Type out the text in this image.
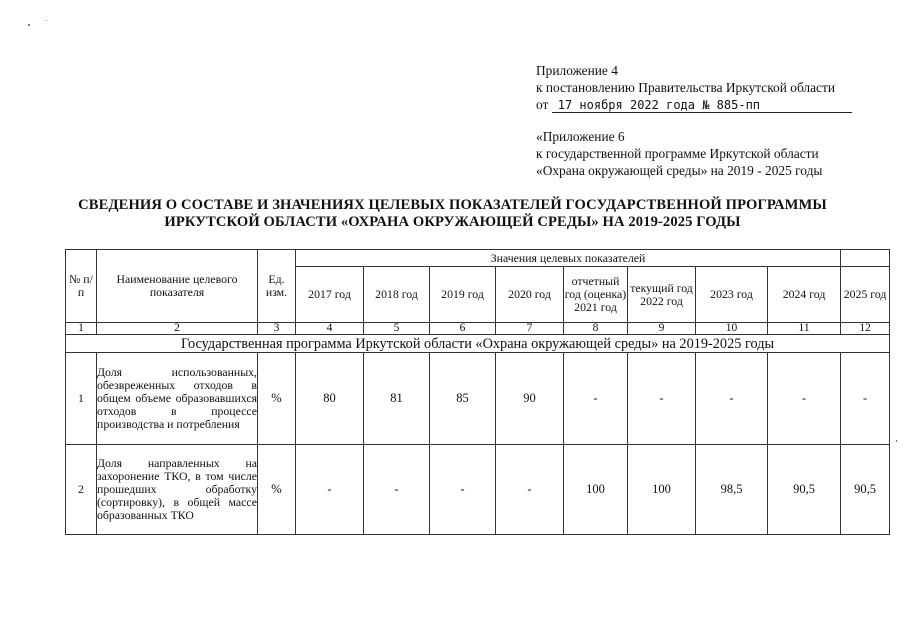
Приложение 4
к постановлению Правительства Иркутской области
от 17 ноября 2022 года № 885-пп
«Приложение 6
к государственной программе Иркутской области
«Охрана окружающей среды» на 2019 - 2025 годы
СВЕДЕНИЯ О СОСТАВЕ И ЗНАЧЕНИЯХ ЦЕЛЕВЫХ ПОКАЗАТЕЛЕЙ ГОСУДАРСТВЕННОЙ ПРОГРАММЫ
ИРКУТСКОЙ ОБЛАСТИ «ОХРАНА ОКРУЖАЮЩЕЙ СРЕДЫ» НА 2019-2025 ГОДЫ
№ п/п	Наименование целевого показателя	Ед. изм.	Значения целевых показателей								
			2017 год	2018 год	2019 год	2020 год	отчетный год (оценка) 2021 год	текущий год 2022 год	2023 год	2024 год	2025 год
1	2	3	4	5	6	7	8	9	10	11	12
Государственная программа Иркутской области «Охрана окружающей среды» на 2019-2025 годы											
1	Доля использованных, обезвреженных отходов в общем объеме образовавшихся отходов в процессе производства и потребления	%	80	81	85	90	-	-	-	-	-
2	Доля направленных на захоронение ТКО, в том числе прошедших обработку (сортировку), в общей массе образованных ТКО	%	-	-	-	-	100	100	98,5	90,5	90,5
